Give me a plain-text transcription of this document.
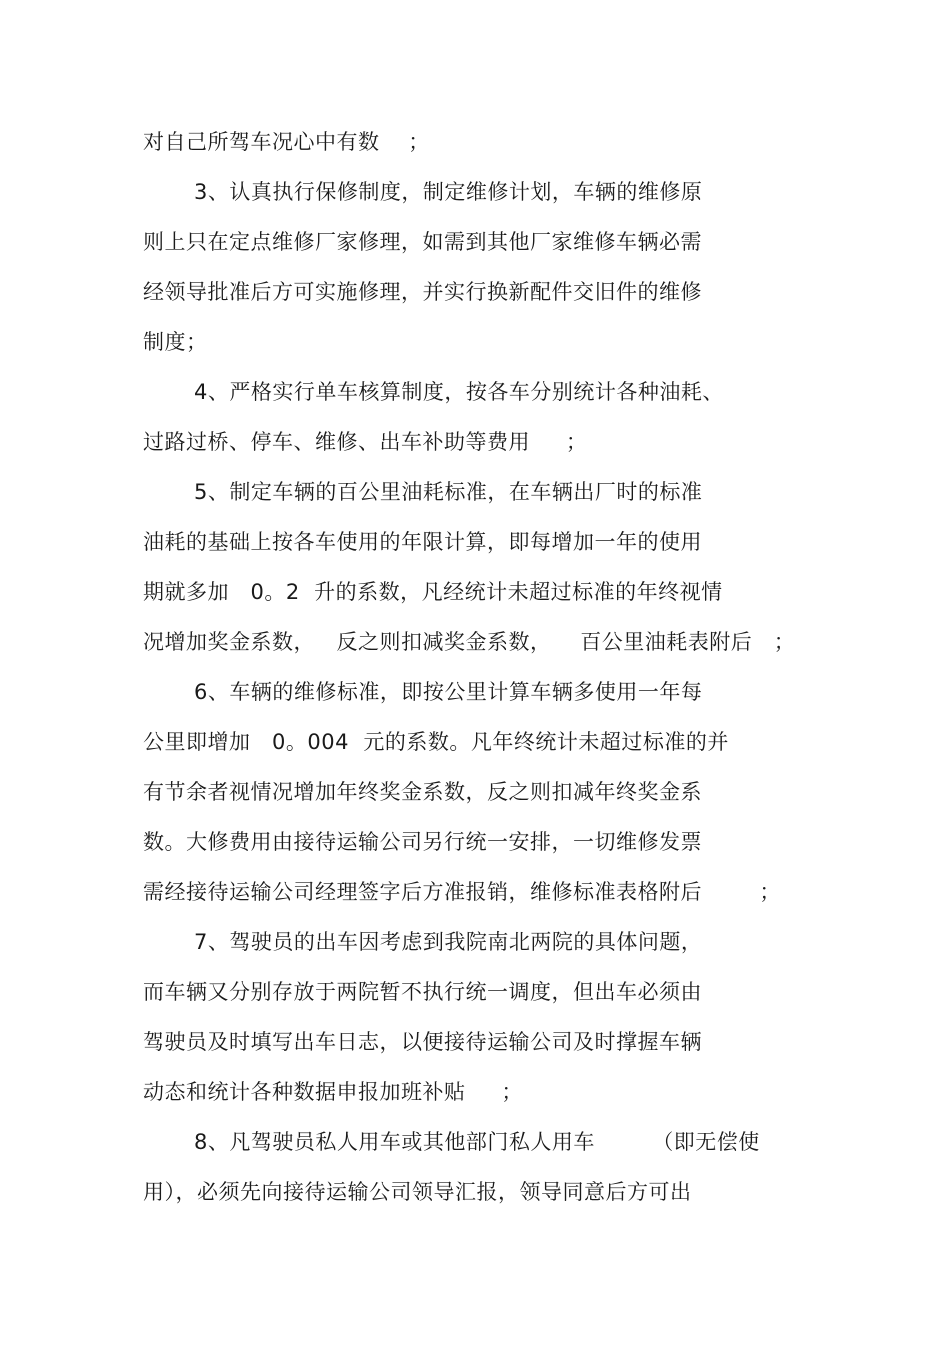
对自己所驾车况心中有数    ；
3、认真执行保修制度，制定维修计划，车辆的维修原
则上只在定点维修厂家修理，如需到其他厂家维修车辆必需
经领导批准后方可实施修理，并实行换新配件交旧件的维修
制度；
4、严格实行单车核算制度，按各车分别统计各种油耗、
过路过桥、停车、维修、出车补助等费用     ；
5、制定车辆的百公里油耗标准，在车辆出厂时的标准
油耗的基础上按各车使用的年限计算，即每增加一年的使用
期就多加   0。2  升的系数，凡经统计未超过标准的年终视情
况增加奖金系数，   反之则扣减奖金系数，    百公里油耗表附后   ；
6、车辆的维修标准，即按公里计算车辆多使用一年每
公里即增加   0。004  元的系数。凡年终统计未超过标准的并
有节余者视情况增加年终奖金系数，反之则扣减年终奖金系
数。大修费用由接待运输公司另行统一安排，一切维修发票
需经接待运输公司经理签字后方准报销，维修标准表格附后        ；
7、驾驶员的出车因考虑到我院南北两院的具体问题，
而车辆又分别存放于两院暂不执行统一调度，但出车必须由
驾驶员及时填写出车日志，以便接待运输公司及时撑握车辆
动态和统计各种数据申报加班补贴     ；
8、凡驾驶员私人用车或其他部门私人用车        （即无偿使
用），必须先向接待运输公司领导汇报，领导同意后方可出
